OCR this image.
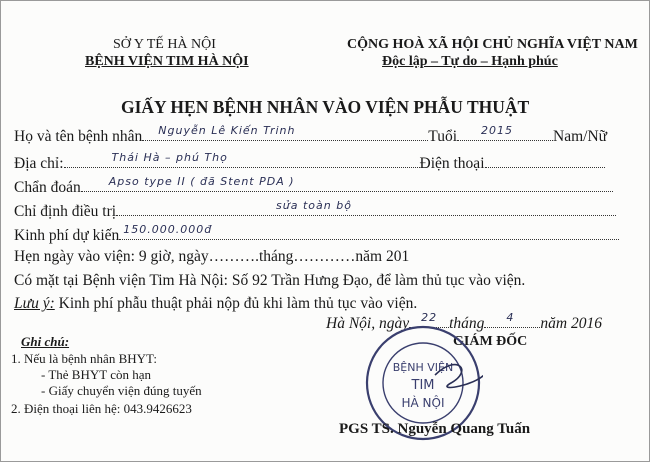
SỞ Y TẾ HÀ NỘI
BỆNH VIỆN TIM HÀ NỘI
CỘNG HOÀ XÃ HỘI CHỦ NGHĨA VIỆT NAM
Độc lập – Tự do – Hạnh phúc
GIẤY HẸN BỆNH NHÂN VÀO VIỆN PHẪU THUẬT
Họ và tên bệnh nhân Nguyễn Lê Kiến Trinh	Tuổi 2015	Nam/Nữ
Địa chỉ:	Thái Hà – phú Thọ	Điện thoại
Chẩn đoán	Apso type II ( đã Stent PDA )
Chỉ định điều trị	sửa toàn bộ
Kinh phí dự kiến 150.000.000đ
Hẹn ngày vào viện: 9 giờ, ngày……….tháng…………năm 201
Có mặt tại Bệnh viện Tim Hà Nội: Số 92 Trần Hưng Đạo, để làm thủ tục vào viện.
Lưu ý: Kinh phí phẫu thuật phải nộp đủ khi làm thủ tục vào viện.
Hà Nội, ngày 22 tháng 4 năm 2016
Ghi chú:
1. Nếu là bệnh nhân BHYT:
- Thẻ BHYT còn hạn
- Giấy chuyển viện đúng tuyến
2. Điện thoại liên hệ: 043.9426623
GIÁM ĐỐC
BỆNH VIỆN
TIM
HÀ NỘI
PGS TS. Nguyễn Quang Tuấn
